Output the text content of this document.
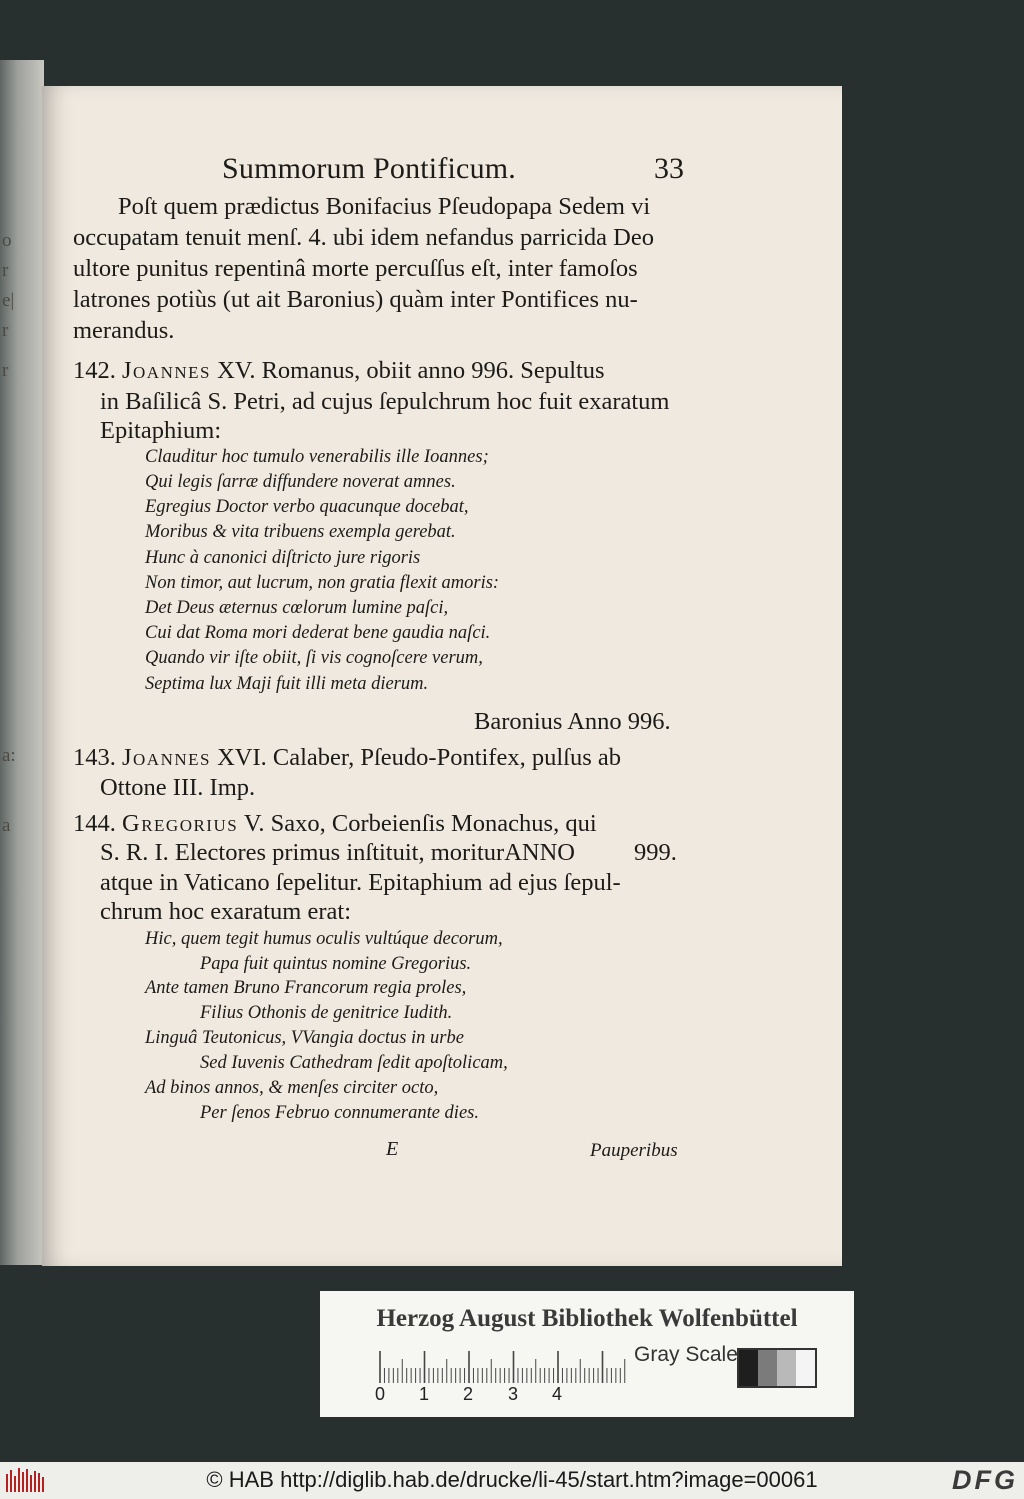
o
r
e|
r
r
a:
a
Summorum Pontificum.	33
Poſt quem prædictus Bonifacius Pſeudopapa Sedem vi
occupatam tenuit menſ. 4. ubi idem nefandus parricida Deo
ultore punitus repentinâ morte percuſſus eſt, inter famoſos
latrones potiùs (ut ait Baronius) quàm inter Pontifices nu-
merandus.
142. Joannes XV. Romanus, obiit anno 996. Sepultus
in Baſilicâ S. Petri, ad cujus ſepulchrum hoc fuit exaratum
Epitaphium:
Clauditur hoc tumulo venerabilis ille Ioannes;
Qui legis ſarræ diffundere noverat amnes.
Egregius Doctor verbo quacunque docebat,
Moribus & vita tribuens exempla gerebat.
Hunc à canonici diſtricto jure rigoris
Non timor, aut lucrum, non gratia flexit amoris:
Det Deus æternus cœlorum lumine paſci,
Cui dat Roma mori dederat bene gaudia naſci.
Quando vir iſte obiit, ſi vis cognoſcere verum,
Septima lux Maji fuit illi meta dierum.
Baronius Anno 996.
143. Joannes XVI. Calaber, Pſeudo-Pontifex, pulſus ab
Ottone III. Imp.
144. Gregorius V. Saxo, Corbeienſis Monachus, qui
S. R. I. Electores primus inſtituit, moriturANNO 999.
atque in Vaticano ſepelitur. Epitaphium ad ejus ſepul-
chrum hoc exaratum erat:
Hic, quem tegit humus oculis vultúque decorum,
Papa fuit quintus nomine Gregorius.
Ante tamen Bruno Francorum regia proles,
Filius Othonis de genitrice Iudith.
Linguâ Teutonicus, VVangia doctus in urbe
Sed Iuvenis Cathedram ſedit apoſtolicam,
Ad binos annos, & menſes circiter octo,
Per ſenos Februo connumerante dies.
E	Pauperibus
Herzog August Bibliothek Wolfenbüttel
0 1 2 3 4
Gray Scale
© HAB http://diglib.hab.de/drucke/li-45/start.htm?image=00061	DFG
